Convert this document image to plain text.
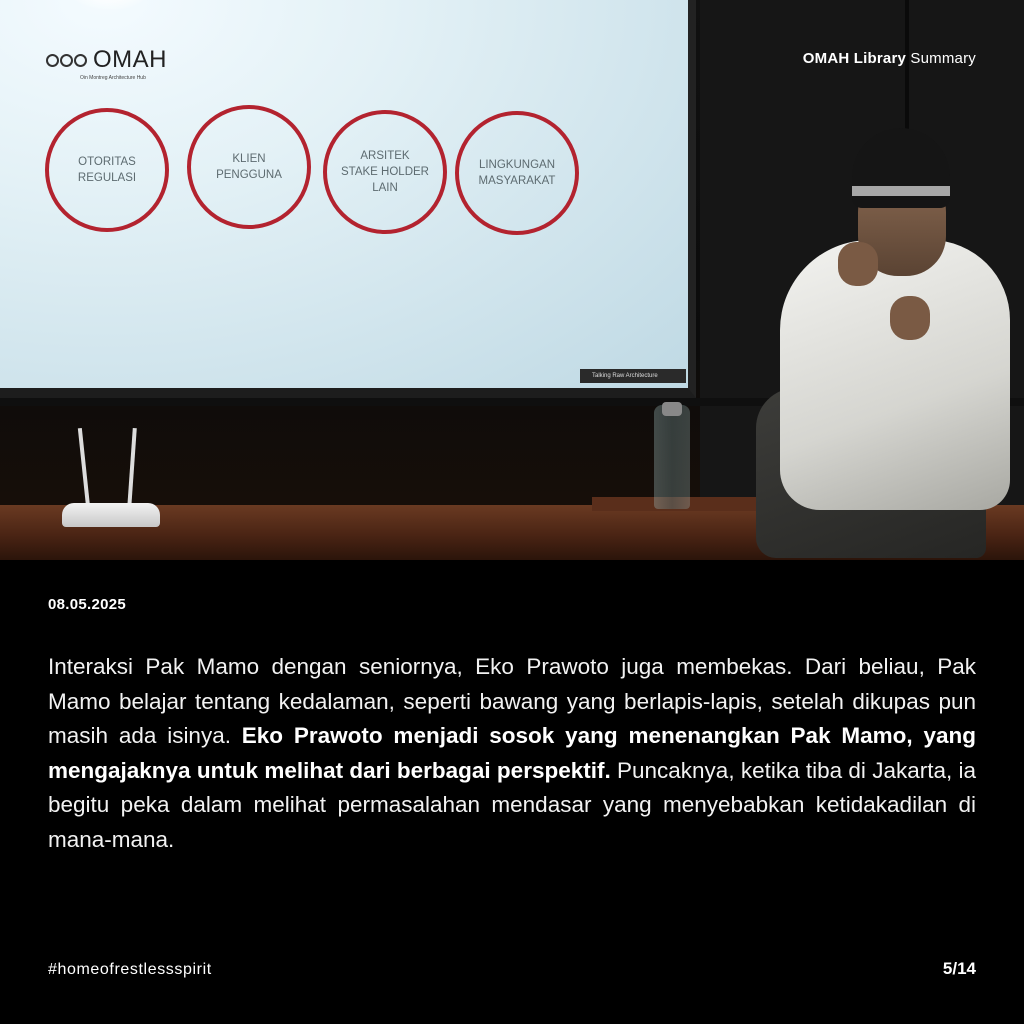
OMAH
Oin Montreg Architecture Hub
OTORITAS
REGULASI
KLIEN
PENGGUNA
ARSITEK
STAKE HOLDER
LAIN
LINGKUNGAN
MASYARAKAT
Talking Raw Architecture
OMAH Library Summary
08.05.2025
Interaksi Pak Mamo dengan seniornya, Eko Prawoto juga membekas. Dari beliau, Pak Mamo belajar tentang kedalaman, seperti bawang yang berlapis-lapis, setelah dikupas pun masih ada isinya. Eko Prawoto menjadi sosok yang menenangkan Pak Mamo, yang mengajaknya untuk melihat dari berbagai perspektif. Puncaknya, ketika tiba di Jakarta, ia begitu peka dalam melihat permasalahan mendasar yang menyebabkan ketidakadilan di mana-mana.
#homeofrestlessspirit	5/14
